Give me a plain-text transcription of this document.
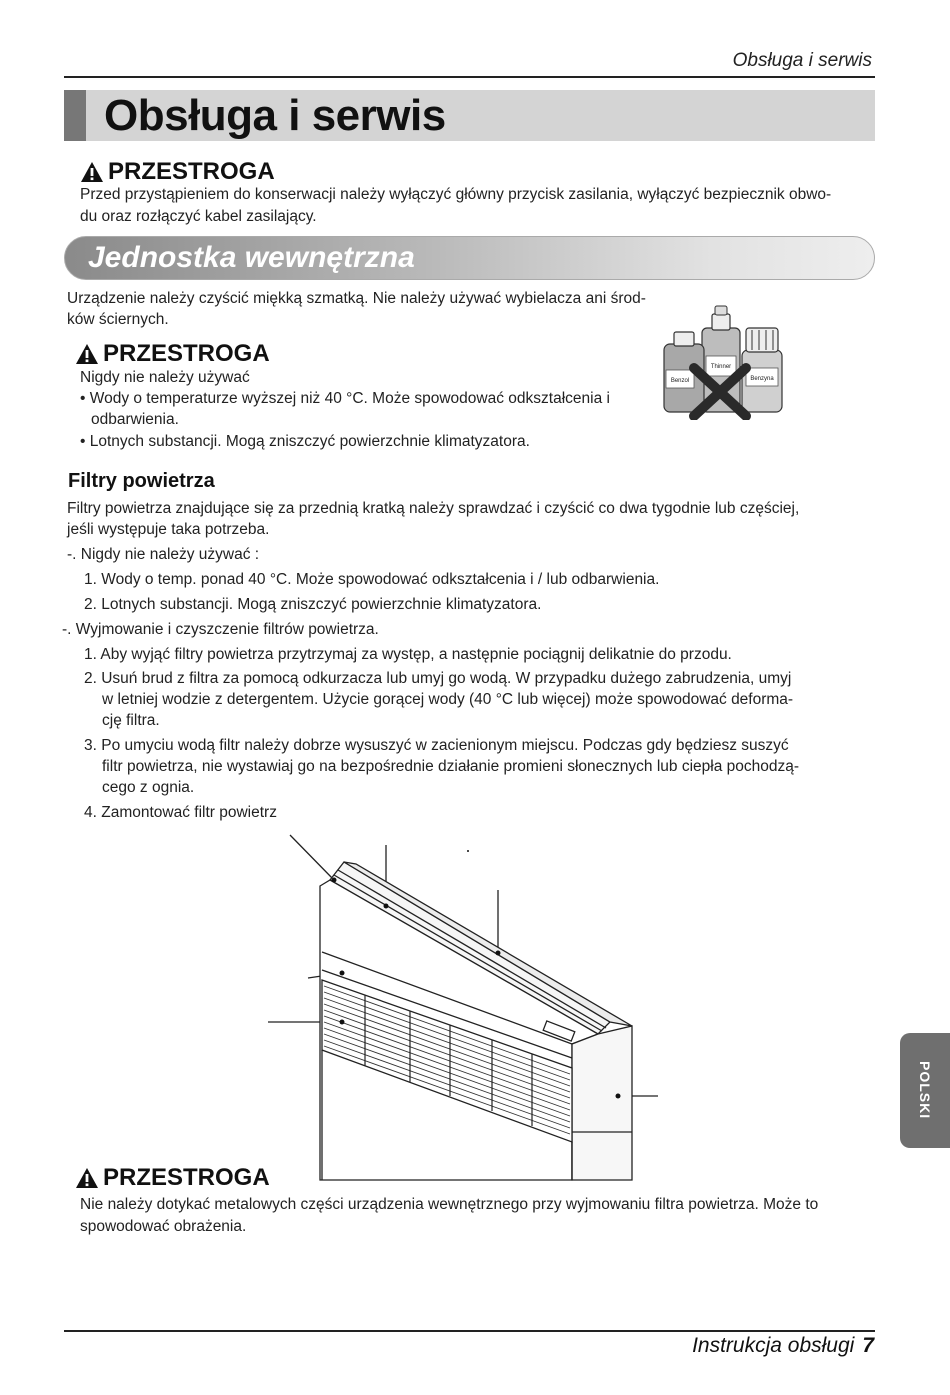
Obsługa i serwis
Obsługa i serwis
PRZESTROGA
Przed przystąpieniem do konserwacji należy wyłączyć główny przycisk zasilania, wyłączyć bezpiecznik obwo-
du oraz rozłączyć kabel zasilający.
Jednostka wewnętrzna
Urządzenie należy czyścić miękką szmatką. Nie należy używać wybielacza ani środ-
ków ściernych.
PRZESTROGA
Nigdy nie należy używać
• Wody o temperaturze wyższej niż 40 °C. Może spowodować odkształcenia i
odbarwienia.
• Lotnych substancji. Mogą zniszczyć powierzchnie klimatyzatora.
Benzyna
Thinner
Benzol
Filtry powietrza
Filtry powietrza znajdujące się za przednią kratką należy sprawdzać i czyścić co dwa tygodnie lub częściej,
jeśli występuje taka potrzeba.
-. Nigdy nie należy używać :
1. Wody o temp. ponad 40 °C. Może spowodować odkształcenia i / lub odbarwienia.
2. Lotnych substancji. Mogą zniszczyć powierzchnie klimatyzatora.
-. Wyjmowanie i czyszczenie filtrów powietrza.
1. Aby wyjąć filtry powietrza przytrzymaj za występ, a następnie pociągnij delikatnie do przodu.
2. Usuń brud z filtra za pomocą odkurzacza lub umyj go wodą. W przypadku dużego zabrudzenia, umyj
w letniej wodzie z detergentem. Użycie gorącej wody (40 °C lub więcej) może spowodować deforma-
cję filtra.
3. Po umyciu wodą filtr należy dobrze wysuszyć w zacienionym miejscu. Podczas gdy będziesz suszyć
filtr powietrza, nie wystawiaj go na bezpośrednie działanie promieni słonecznych lub ciepła pochodzą-
cego z ognia.
4. Zamontować filtr powietrz
PRZESTROGA
Nie należy dotykać metalowych części urządzenia wewnętrznego przy wyjmowaniu filtra powietrza. Może to
spowodować obrażenia.
POLSKI
Instrukcja obsługi 7
